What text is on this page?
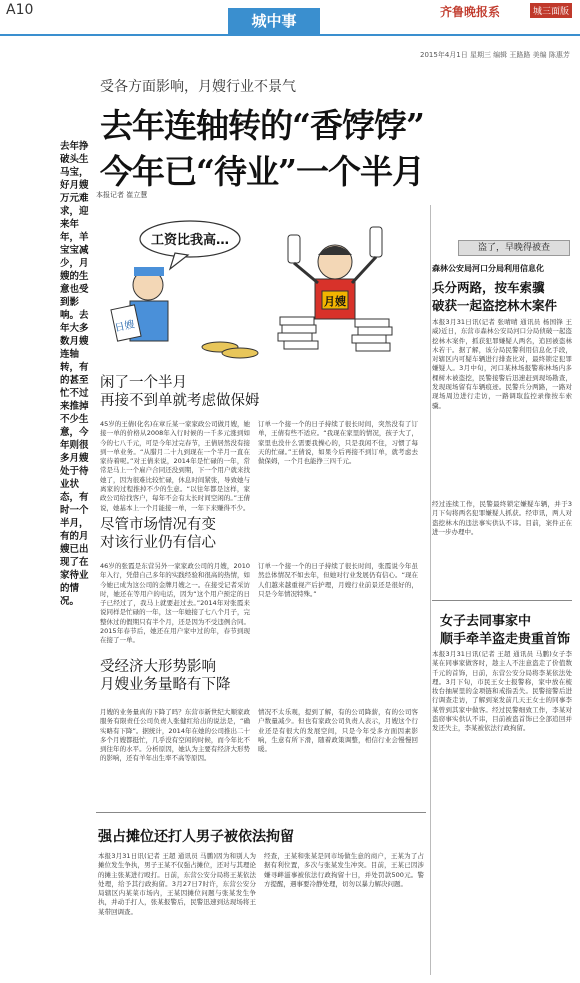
A10
城中事	齐鲁晚报系	城三面版
2015年4月1日 星期三 编辑 王路路 美编 陈惠芳
受各方面影响，月嫂行业不景气
去年连轴转的“香饽饽”
今年已“待业”一个半月
本报记者 崔立慧
去年挣破头生马宝，好月嫂万元难求，迎来年年，羊宝宝减少，月嫂的生意也受到影响。去年大多数月嫂连轴转，有的甚至忙不过来推掉不少生意，今年则很多月嫂处于待业状态，有时一个半月，有的月嫂已出现了在家待业的情况。
工资比我高…
日嫂
月嫂
闲了一个半月
再接不到单就考虑做保姆
45岁的王倩(化名)在章丘某一家家政公司做月嫂，她接一单的价格从2008年入行时候的一千多元涨到如今的七八千元，可是今年过完春节，王倩居然没有接到一单业务。“从腊月二十九到现在一个半月一直在家待着呢。”对王倩来说，2014年是忙碌的一年，常常是马上一个雇户合同还没到期，下一个用户就来找她了，因为很难比较忙碌，休息时间紧张，导致她与离家的过程推掉不少的生意。“以往年都是这样，家政公司给找客户，每年不会有太长时间空闲的。”王倩说，她基本上一个月能接一单，一年下来赚得不少。
订单一个接一个的日子持续了很长时间，突然没有了订单，王倩有些不适应。“我现在家里的情况，孩子大了，家里也没什么需要我操心的，只是我闲不住，习惯了每天的忙碌。”王倩说，如果今后再接不到订单，就考虑去做保姆，一个月也能挣三四千元。
尽管市场情况有变
对该行业仍有信心
46岁的张霞是东营另外一家家政公司的月嫂，2010年入行，凭借自己多年的实践经验和很高的热情，如今她已成为这公司的金牌月嫂之一。在接受记者采访时，她还在等用户的电话，因为“这个用户预定的日子已经过了，我马上就要赶过去。”2014年对张霞来说同样是忙碌的一年，这一年她接了七八个月子，完整休过的假期只有半个月，还是因为不受违例合同。2015年春节后，她还在用户家中过的年，春节到现在接了一单。
订单一个接一个的日子持续了很长时间，张霞说今年虽然总体情况不如去年，但她对行业发展仍有信心。“现在人们越来越重视产后护理，月嫂行业前景还是很好的，只是今年情况特殊。”
受经济大形势影响
月嫂业务量略有下降
月嫂的业务量真的下降了吗？东营市新世纪大顺家政服务有限责任公司负责人张健红给出的说法是，“确实略有下降”。据统计，2014年在她的公司推出二十多个月嫂都挺忙，几乎没有空闲的时候，而今年比不到往年的水平。分析原因，她认为主要有经济大形势的影响，还有羊年出生率不高等原因。
情况不太乐观，提到了解，有的公司降薪，有的公司客户数量减少。但也有家政公司负责人表示，月嫂这个行业还是有很大的发展空间，只是今年受多方面因素影响，生意有所下滑，随着政策调整，相信行业会慢慢回暖。
强占摊位还打人男子被依法拘留
本报3月31日讯(记者 王超 通讯员 马鹏)因为和别人为摊位发生争执，男子王某不仅强占摊位，还对与其理论的摊主张某进行殴打。日前，东营公安分局将王某依法处理，给予其行政拘留。3月27日7时许，东营公安分局辖区内某菜市场内，王某因摊位问题与张某发生争执，并动手打人，张某报警后，民警迅速到达现场将王某带回调查。
经查，王某和张某是同市场做生意的商户，王某为了占据有利位置，多次与张某发生冲突。目前，王某已因涉嫌寻衅滋事被依法行政拘留十日，并处罚款500元。警方提醒，遇事要冷静处理，切勿以暴力解决问题。
盗了，早晚得被查
森林公安局河口分局利用信息化
兵分两路，按车索骥
破获一起盗挖林木案件
本报3月31日讯(记者 张晴晴 通讯员 杨国锋 王威)近日，东营市森林公安局河口分局侦破一起盗挖林木案件，抓获犯罪嫌疑人两名，追回被盗林木若干。据了解，该分局民警利用信息化手段，对辖区内可疑车辆进行排查比对，最终锁定犯罪嫌疑人。3月中旬，河口某林场报警称林场内多棵树木被盗挖，民警接警后迅速赶到现场勘查，发现现场留有车辆痕迹。民警兵分两路，一路对现场周边进行走访，一路调取监控录像按车索骥。
经过连续工作，民警最终锁定嫌疑车辆，并于3月下旬将两名犯罪嫌疑人抓获。经审讯，两人对盗挖林木的违法事实供认不讳。目前，案件正在进一步办理中。
女子去同事家中
顺手牵羊盗走贵重首饰
本报3月31日讯(记者 王超 通讯员 马鹏)女子李某在同事家做客时，趁主人不注意盗走了价值数千元的首饰，日前，东营公安分局将李某依法处理。3月下旬，市民王女士报警称，家中放在梳妆台抽屉里的金项链和戒指丢失。民警接警后进行调查走访，了解到案发前几天王女士的同事李某曾到其家中做客。经过民警细致工作，李某对盗窃事实供认不讳，目前被盗首饰已全部追回并发还失主，李某被依法行政拘留。
